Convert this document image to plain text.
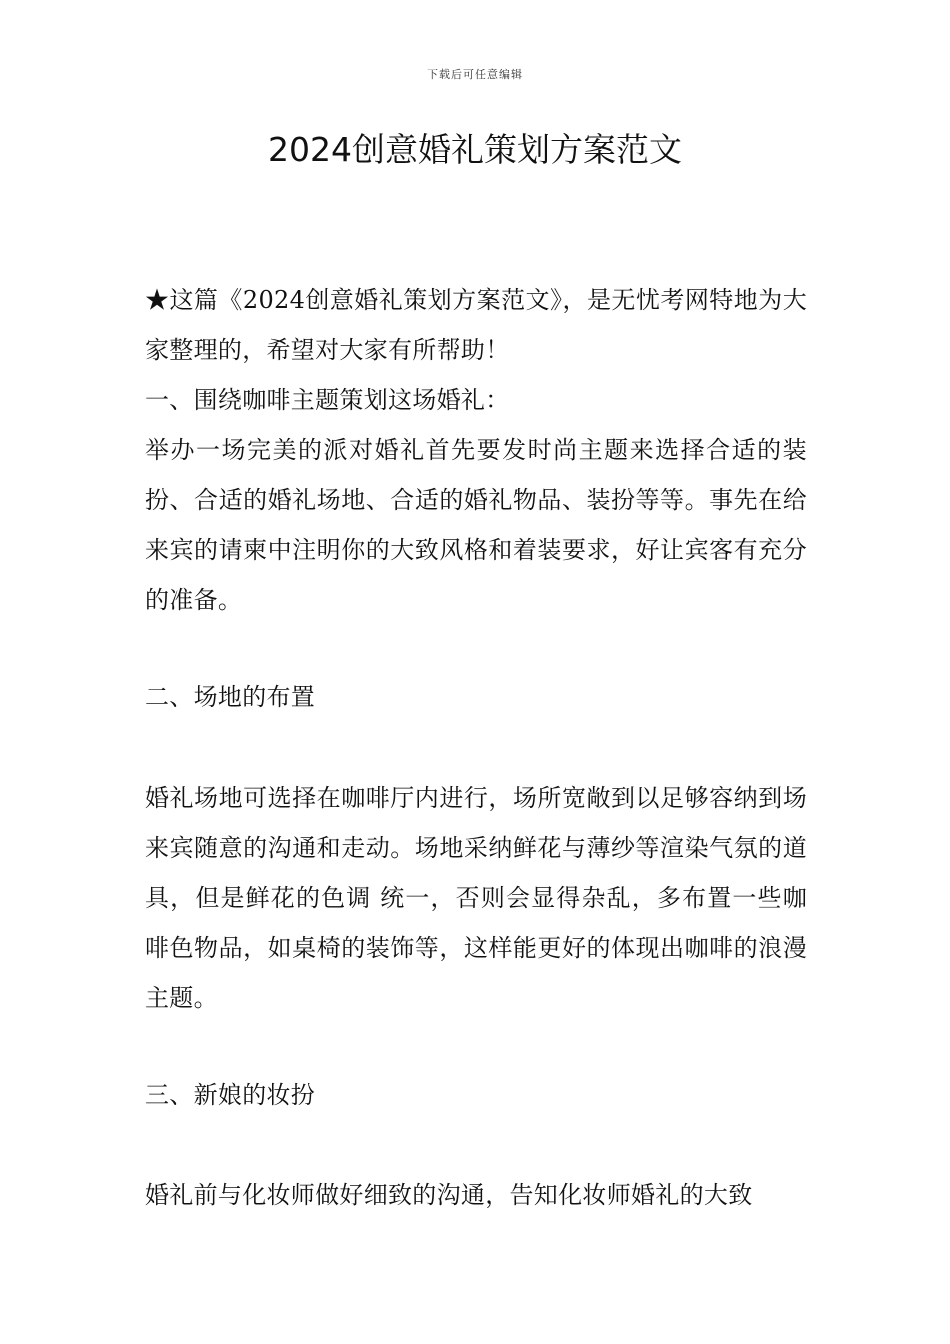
下载后可任意编辑
2024创意婚礼策划方案范文

★这篇《2024创意婚礼策划方案范文》，是无忧考网特地为大家整理的，希望对大家有所帮助！

一、围绕咖啡主题策划这场婚礼：

举办一场完美的派对婚礼首先要发时尚主题来选择合适的装扮、合适的婚礼场地、合适的婚礼物品、装扮等等。事先在给来宾的请柬中注明你的大致风格和着装要求，好让宾客有充分的准备。

二、场地的布置

婚礼场地可选择在咖啡厅内进行，场所宽敞到以足够容纳到场来宾随意的沟通和走动。场地采纳鲜花与薄纱等渲染气氛的道具，但是鲜花的色调 统一，否则会显得杂乱，多布置一些咖啡色物品，如桌椅的装饰等，这样能更好的体现出咖啡的浪漫主题。

三、新娘的妆扮

婚礼前与化妆师做好细致的沟通，告知化妆师婚礼的大致
